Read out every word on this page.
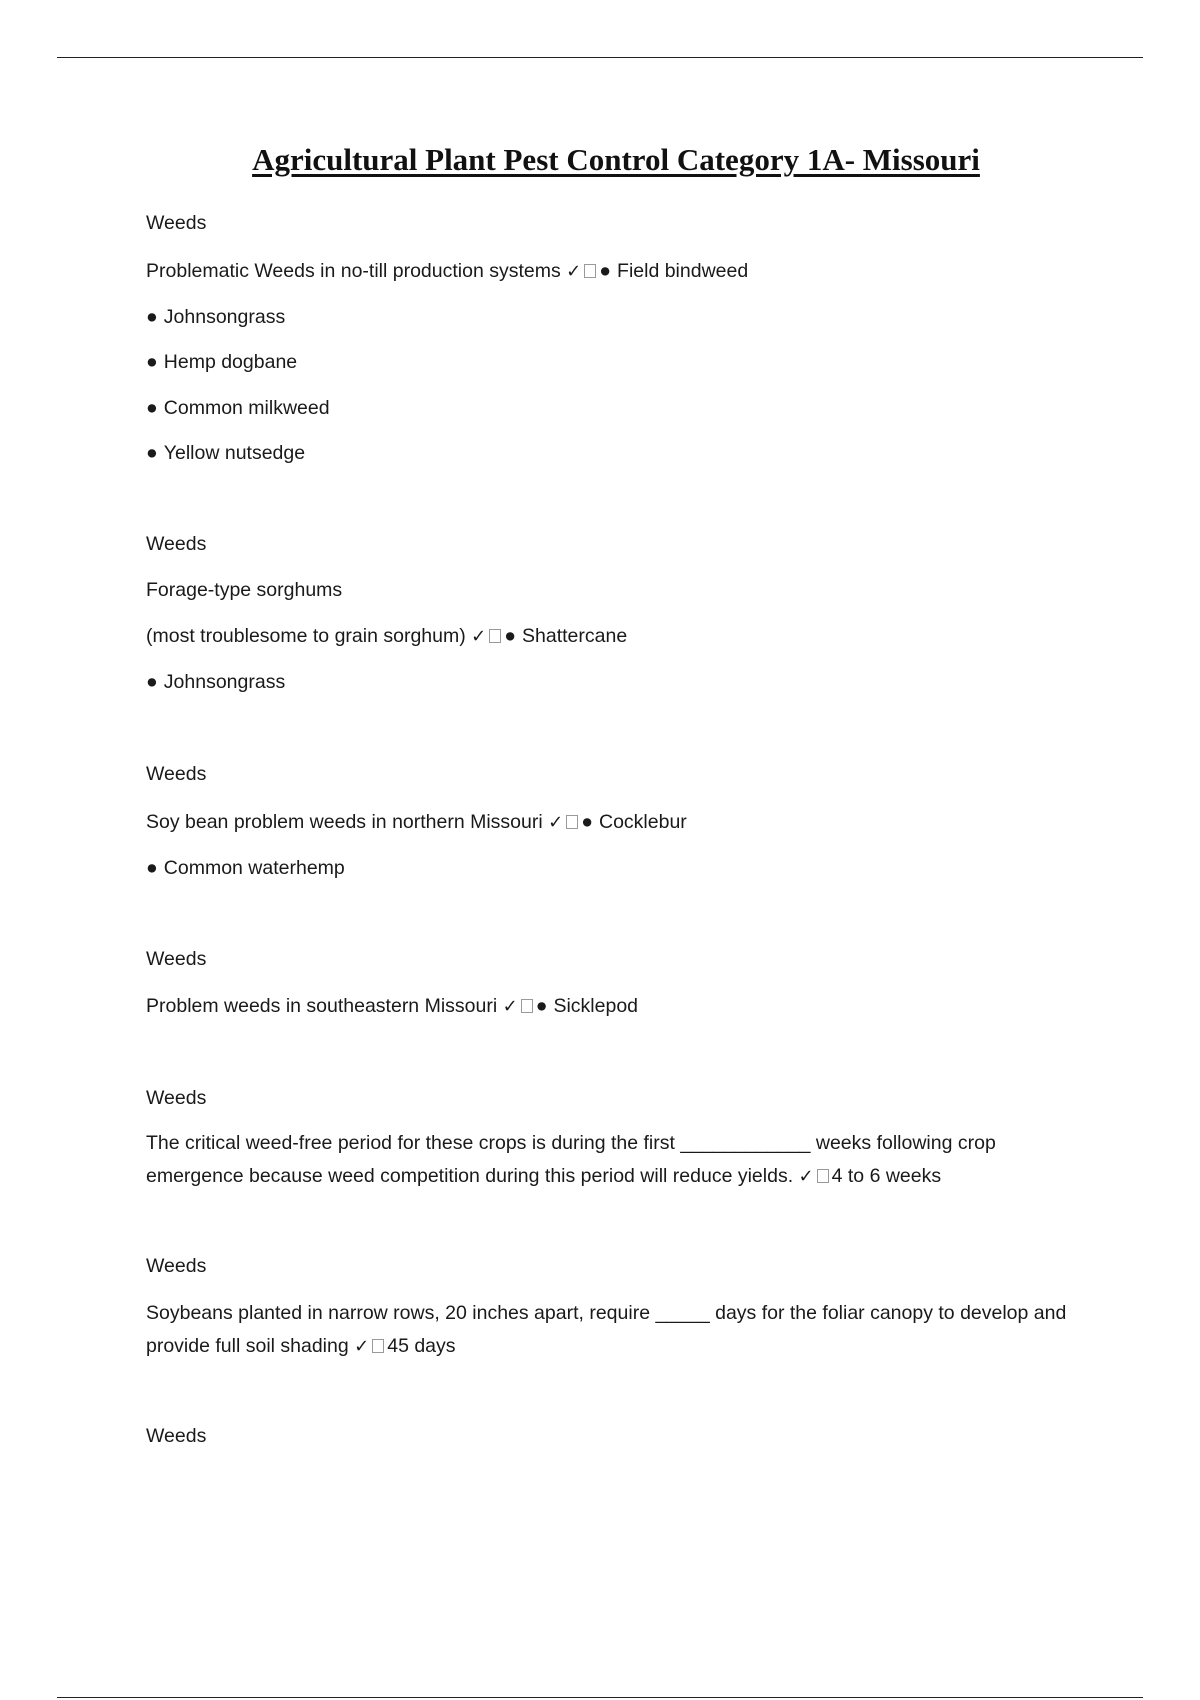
Agricultural Plant Pest Control Category 1A- Missouri
Weeds
Problematic Weeds in no-till production systems ✓ ● Field bindweed
● Johnsongrass
● Hemp dogbane
● Common milkweed
● Yellow nutsedge
Weeds
Forage-type sorghums
(most troublesome to grain sorghum) ✓ ● Shattercane
● Johnsongrass
Weeds
Soy bean problem weeds in northern Missouri ✓ ● Cocklebur
● Common waterhemp
Weeds
Problem weeds in southeastern Missouri ✓ ● Sicklepod
Weeds
The critical weed-free period for these crops is during the first ____________ weeks following crop emergence because weed competition during this period will reduce yields. ✓ 4 to 6 weeks
Weeds
Soybeans planted in narrow rows, 20 inches apart, require _____ days for the foliar canopy to develop and provide full soil shading ✓ 45 days
Weeds
